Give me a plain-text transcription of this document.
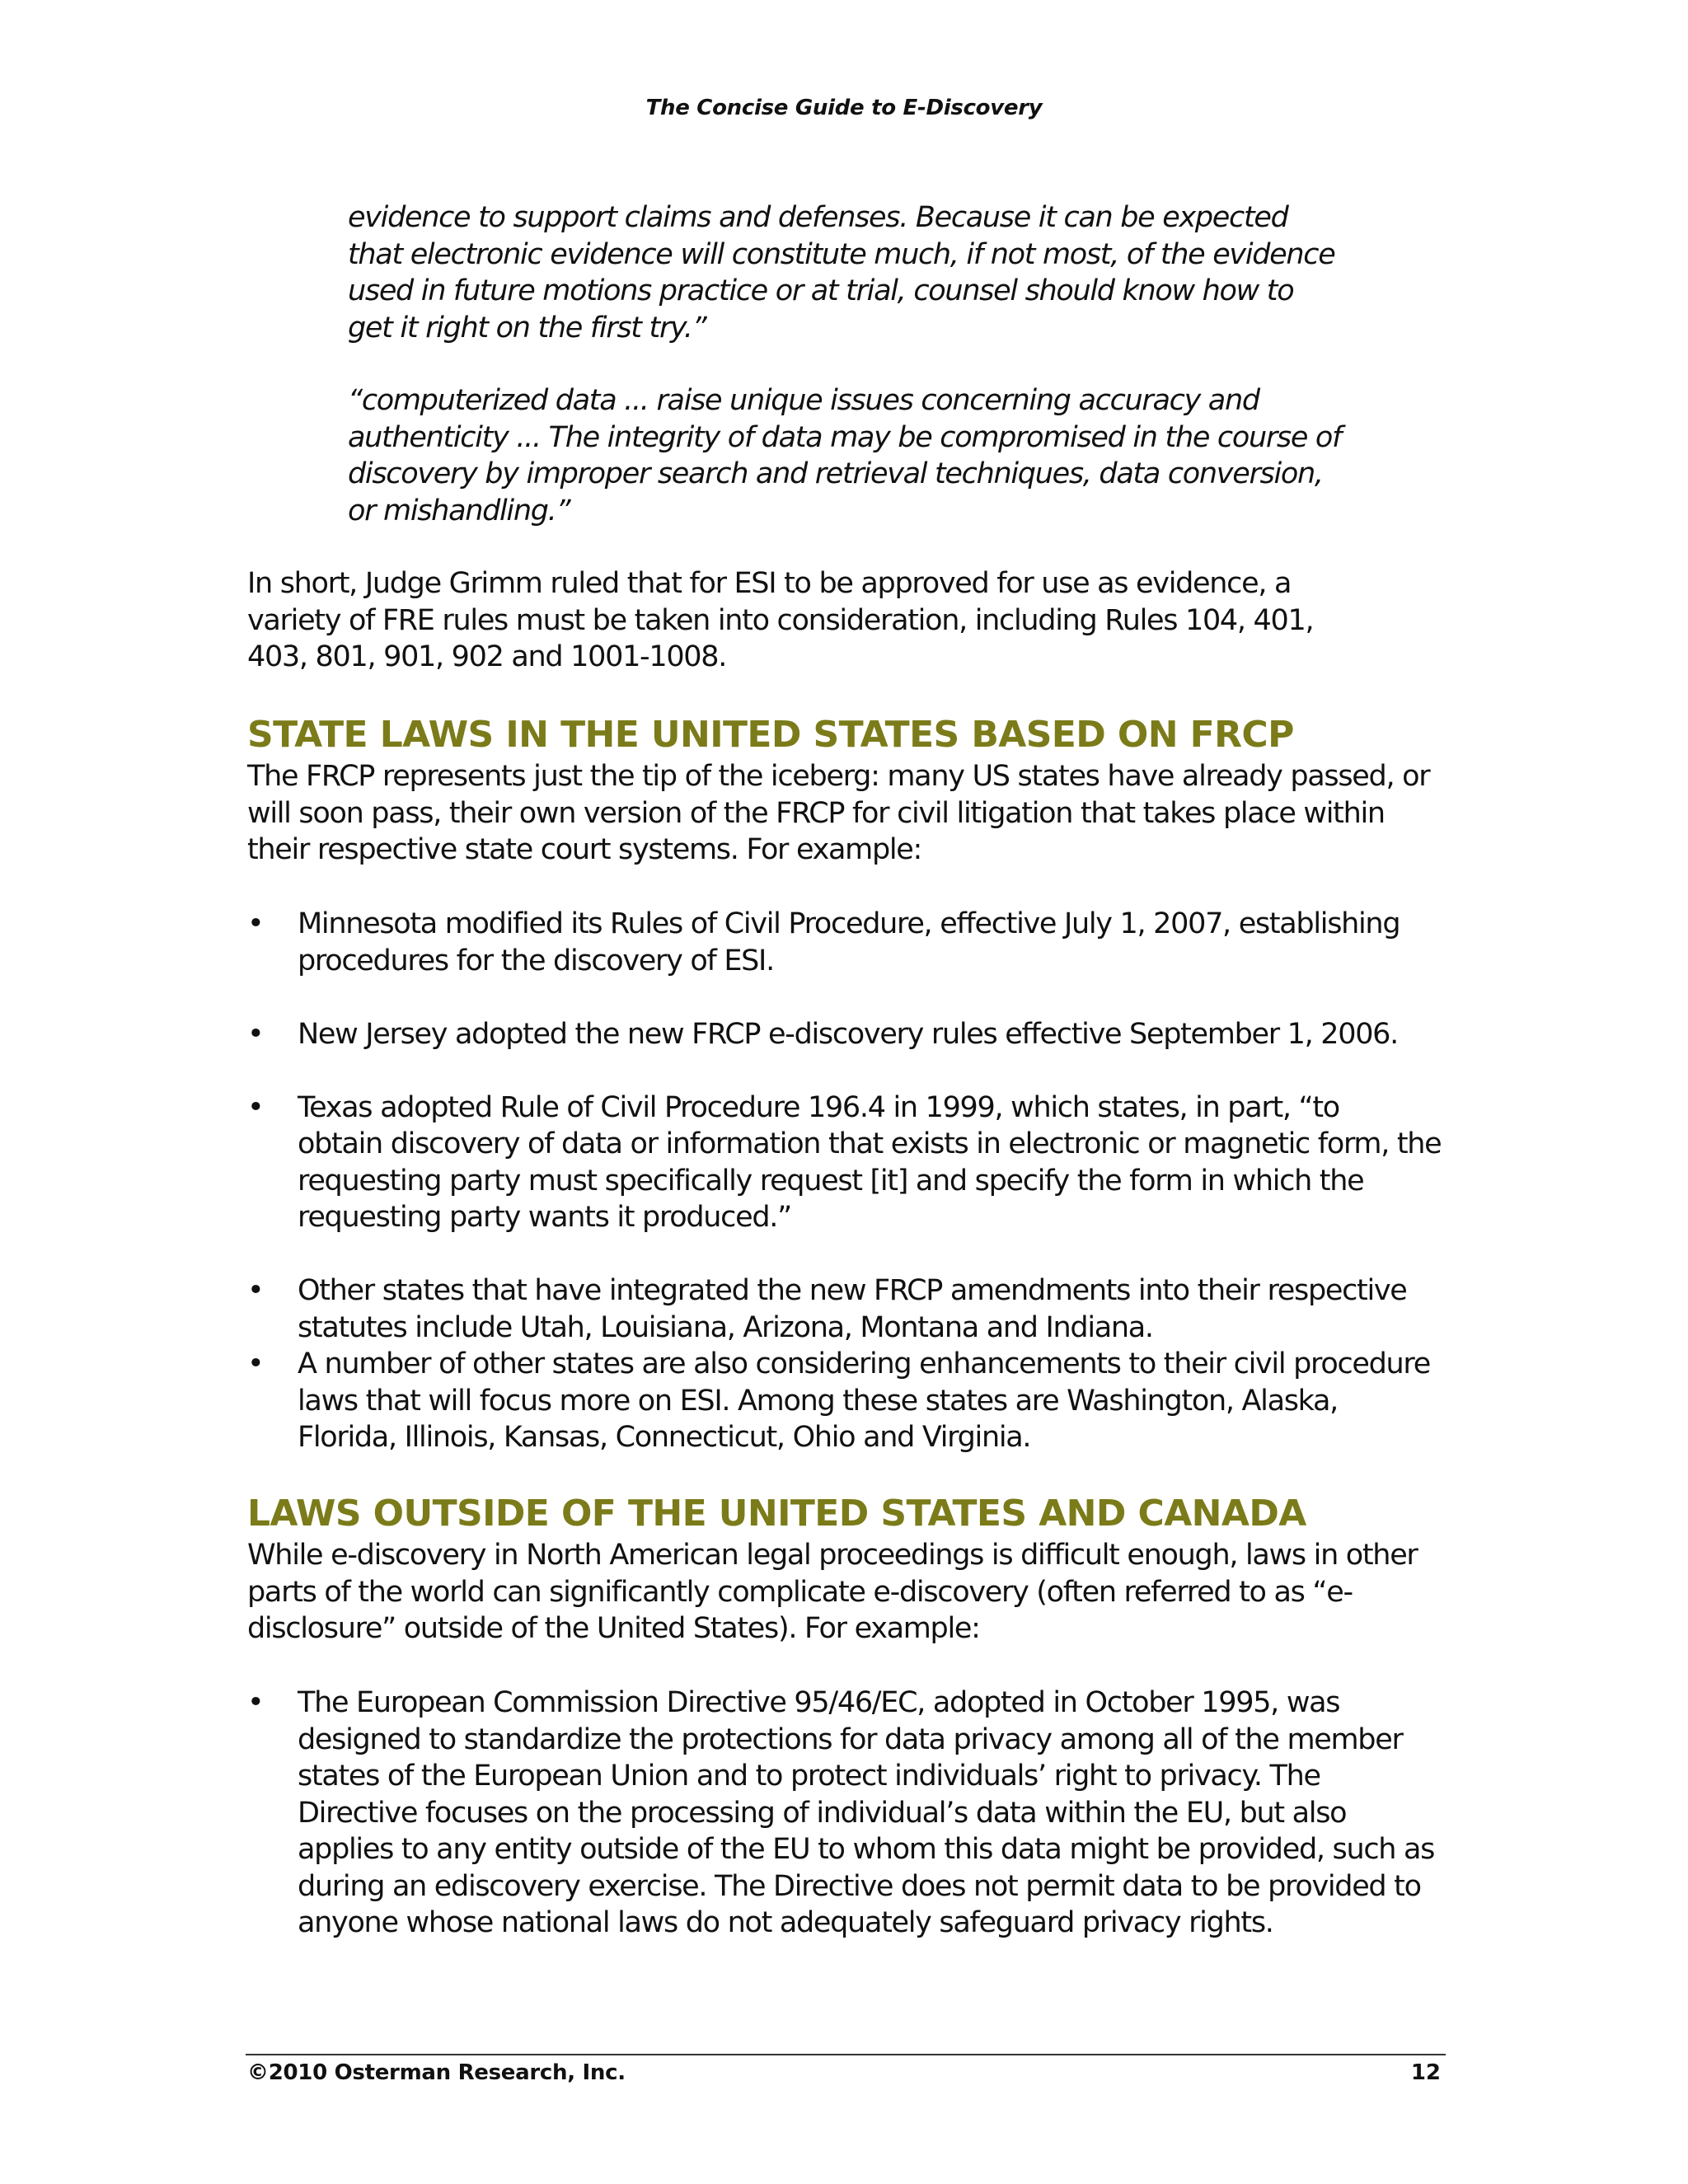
The Concise Guide to E-Discovery

evidence to support claims and defenses. Because it can be expected

that electronic evidence will constitute much, if not most, of the evidence

used in future motions practice or at trial, counsel should know how to

get it right on the first try.”

“computerized data ... raise unique issues concerning accuracy and

authenticity ... The integrity of data may be compromised in the course of

discovery by improper search and retrieval techniques, data conversion,

or mishandling.”

In short, Judge Grimm ruled that for ESI to be approved for use as evidence, a

variety of FRE rules must be taken into consideration, including Rules 104, 401,

403, 801, 901, 902 and 1001-1008.

STATE LAWS IN THE UNITED STATES BASED ON FRCP

The FRCP represents just the tip of the iceberg: many US states have already passed, or

will soon pass, their own version of the FRCP for civil litigation that takes place within

their respective state court systems. For example:

• Minnesota modified its Rules of Civil Procedure, effective July 1, 2007, establishing
procedures for the discovery of ESI.
• New Jersey adopted the new FRCP e-discovery rules effective September 1, 2006.
• Texas adopted Rule of Civil Procedure 196.4 in 1999, which states, in part, “to
obtain discovery of data or information that exists in electronic or magnetic form, the
requesting party must specifically request [it] and specify the form in which the
requesting party wants it produced.”
• Other states that have integrated the new FRCP amendments into their respective
statutes include Utah, Louisiana, Arizona, Montana and Indiana.
• A number of other states are also considering enhancements to their civil procedure
laws that will focus more on ESI. Among these states are Washington, Alaska,
Florida, Illinois, Kansas, Connecticut, Ohio and Virginia.
LAWS OUTSIDE OF THE UNITED STATES AND CANADA

While e-discovery in North American legal proceedings is difficult enough, laws in other

parts of the world can significantly complicate e-discovery (often referred to as “e-

disclosure” outside of the United States). For example:

• The European Commission Directive 95/46/EC, adopted in October 1995, was
designed to standardize the protections for data privacy among all of the member
states of the European Union and to protect individuals’ right to privacy. The
Directive focuses on the processing of individual’s data within the EU, but also
applies to any entity outside of the EU to whom this data might be provided, such as
during an ediscovery exercise. The Directive does not permit data to be provided to
anyone whose national laws do not adequately safeguard privacy rights.
©2010 Osterman Research, Inc.	12
